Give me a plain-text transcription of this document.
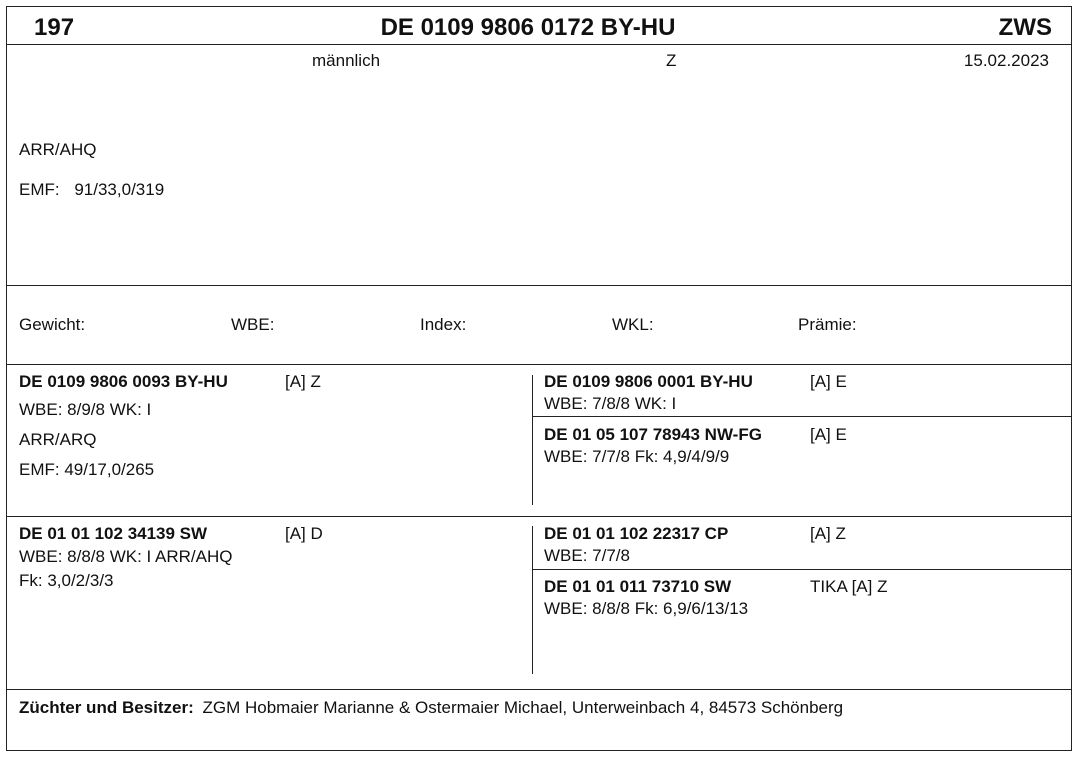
197	DE 0109 9806 0172 BY-HU	ZWS
männlich	Z	15.02.2023
ARR/AHQ
EMF: 91/33,0/319
Gewicht:	WBE:	Index:	WKL:	Prämie:
DE 0109 9806 0093 BY-HU	[A] Z
WBE: 8/9/8 WK: I
ARR/ARQ
EMF: 49/17,0/265
DE 0109 9806 0001 BY-HU	[A] E
WBE: 7/8/8 WK: I
DE 01 05 107 78943 NW-FG	[A] E
WBE: 7/7/8 Fk: 4,9/4/9/9
DE 01 01 102 34139 SW	[A] D
WBE: 8/8/8 WK: I ARR/AHQ
Fk: 3,0/2/3/3
DE 01 01 102 22317 CP	[A] Z
WBE: 7/7/8
DE 01 01 011 73710 SW	TIKA [A] Z
WBE: 8/8/8 Fk: 6,9/6/13/13
Züchter und Besitzer: ZGM Hobmaier Marianne & Ostermaier Michael, Unterweinbach 4, 84573 Schönberg
